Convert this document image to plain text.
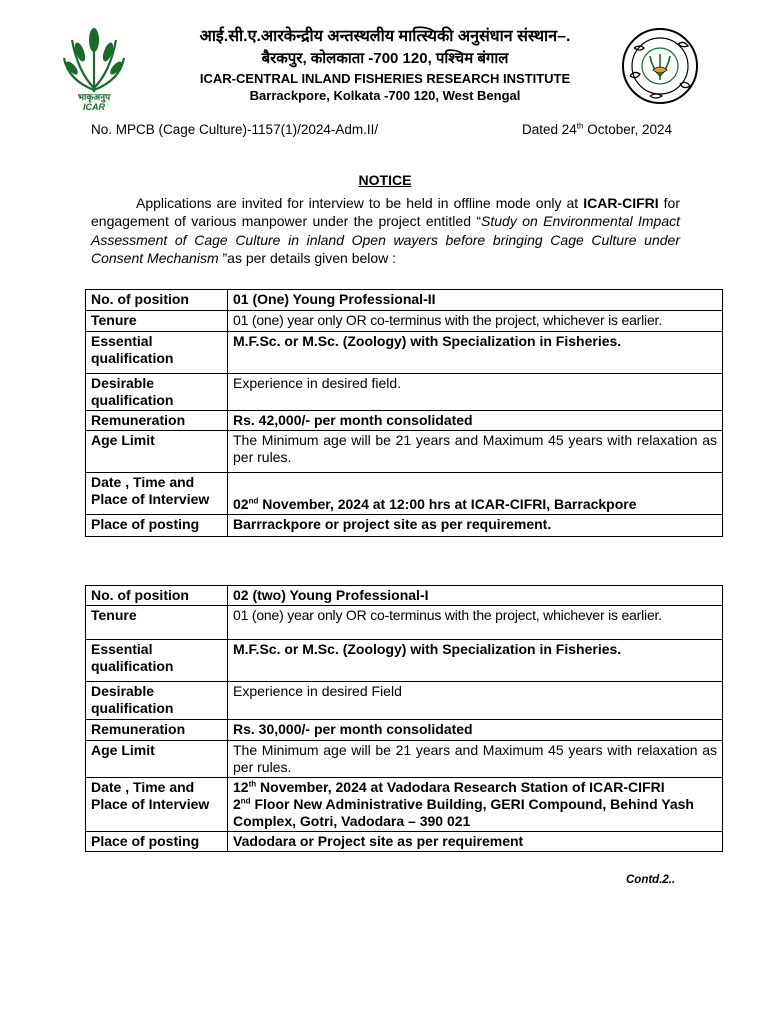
भाकृअनुप
ICAR
आई.सी.ए.आरकेन्द्रीय अन्तस्थलीय मात्स्यिकी अनुसंधान संस्थान–.
बैरकपुर, कोलकाता -700 120, पश्चिम बंगाल
ICAR-CENTRAL INLAND FISHERIES RESEARCH INSTITUTE
Barrackpore, Kolkata -700 120, West Bengal
No. MPCB (Cage Culture)-1157(1)/2024-Adm.II/	Dated 24th October, 2024
NOTICE
Applications are invited for interview to be held in offline mode only at ICAR-CIFRI for engagement of various manpower under the project entitled “Study on Environmental Impact Assessment of Cage Culture in inland Open wayers before bringing Cage Culture under Consent Mechanism ”as per details given below :
No. of position	01 (One) Young Professional-II
Tenure	01 (one) year only OR co-terminus with the project, whichever is earlier.
Essential qualification	M.F.Sc. or M.Sc. (Zoology) with Specialization in Fisheries.
Desirable qualification	Experience in desired field.
Remuneration	Rs. 42,000/- per month consolidated
Age Limit	The Minimum age will be 21 years and Maximum 45 years with relaxation as per rules.
Date , Time and Place of Interview	02nd November, 2024 at 12:00 hrs at ICAR-CIFRI, Barrackpore
Place of posting	Barrrackpore or project site as per requirement.
No. of position	02 (two) Young Professional-I
Tenure	01 (one) year only OR co-terminus with the project, whichever is earlier.
Essential qualification	M.F.Sc. or M.Sc. (Zoology) with Specialization in Fisheries.
Desirable qualification	Experience in desired Field
Remuneration	Rs. 30,000/- per month consolidated
Age Limit	The Minimum age will be 21 years and Maximum 45 years with relaxation as per rules.
Date , Time and Place of Interview	12th November, 2024 at Vadodara Research Station of ICAR-CIFRI
2nd Floor New Administrative Building, GERI Compound, Behind Yash Complex, Gotri, Vadodara – 390 021
Place of posting	Vadodara or Project site as per requirement
Contd.2..
